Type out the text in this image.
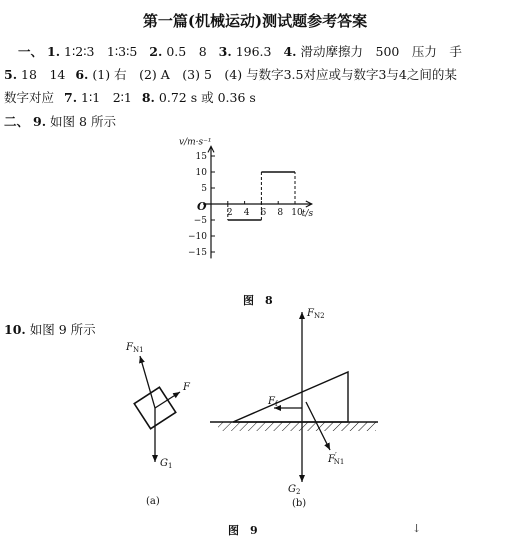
第一篇(机械运动)测试题参考答案
一、 1. 1∶2∶3　1∶3∶5 2. 0.5　8 3. 196.3 4. 滑动摩擦力　500　压力　手
5. 18　14 6. (1) 右　(2) A　(3) 5　(4) 与数字3.5对应或与数字3与4之间的某
数字对应 7. 1∶1　2∶1 8. 0.72 s 或 0.36 s
二、 9. 如图 8 所示
15
10
5
−5
−10
−15
2 4 6 8 10
O
v/m·s⁻¹
t/s
图　8
10. 如图 9 所示
$F_{N1}$
F
$G_1$
$F_{N2}$
$F_f$
F′ N1
$G_2$
(a)	(b)
图　9	↓
